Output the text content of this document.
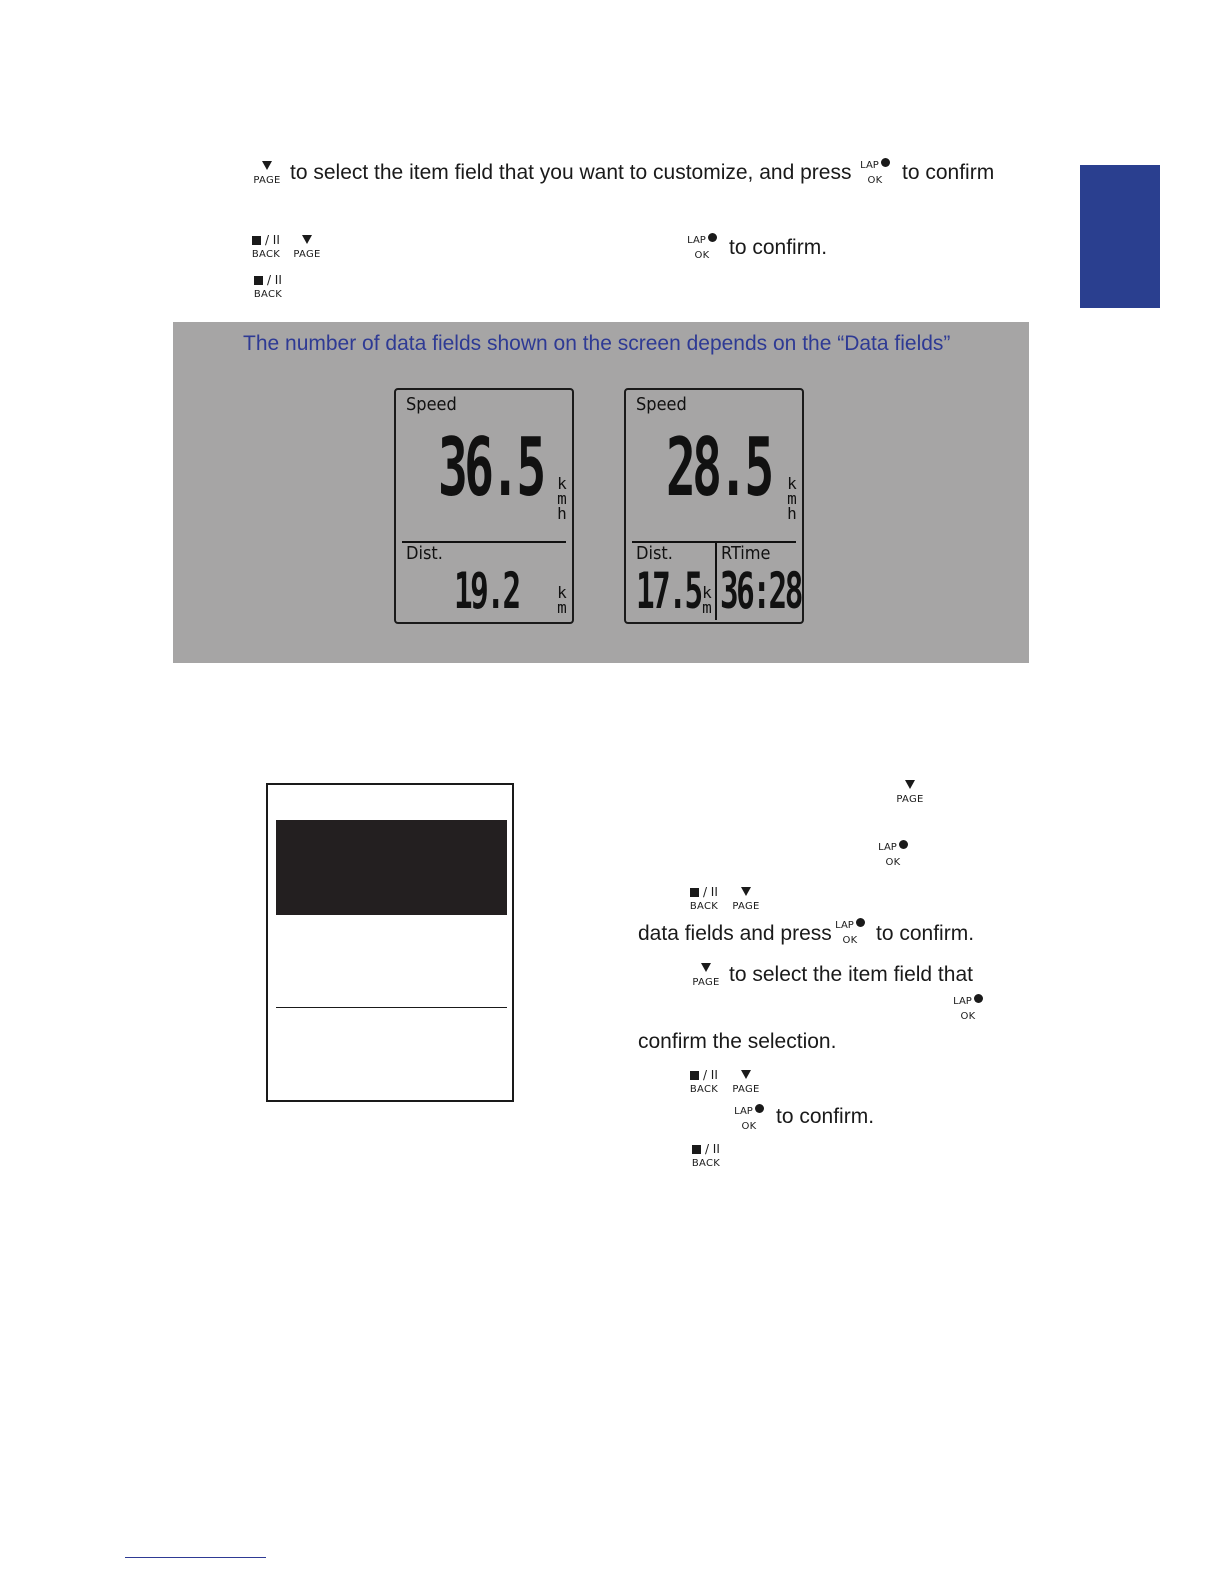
PAGE to select the item field that you want to customize, and press LAP
OK to confirm
/ II
BACK	PAGE
LAP
OK to confirm.
/ II
BACK
The number of data fields shown on the screen depends on the “Data fields”
Speed
36.5 kmh
Dist.
19.2 km
Speed
28.5 kmh
Dist.
17.5 km
RTime
36:28
PAGE
LAP
OK
/ II
BACK	PAGE
data fields and press LAP
OK to confirm.
PAGE to select the item field that
LAP
OK
confirm the selection.
/ II
BACK	PAGE
LAP
OK to confirm.
/ II
BACK
